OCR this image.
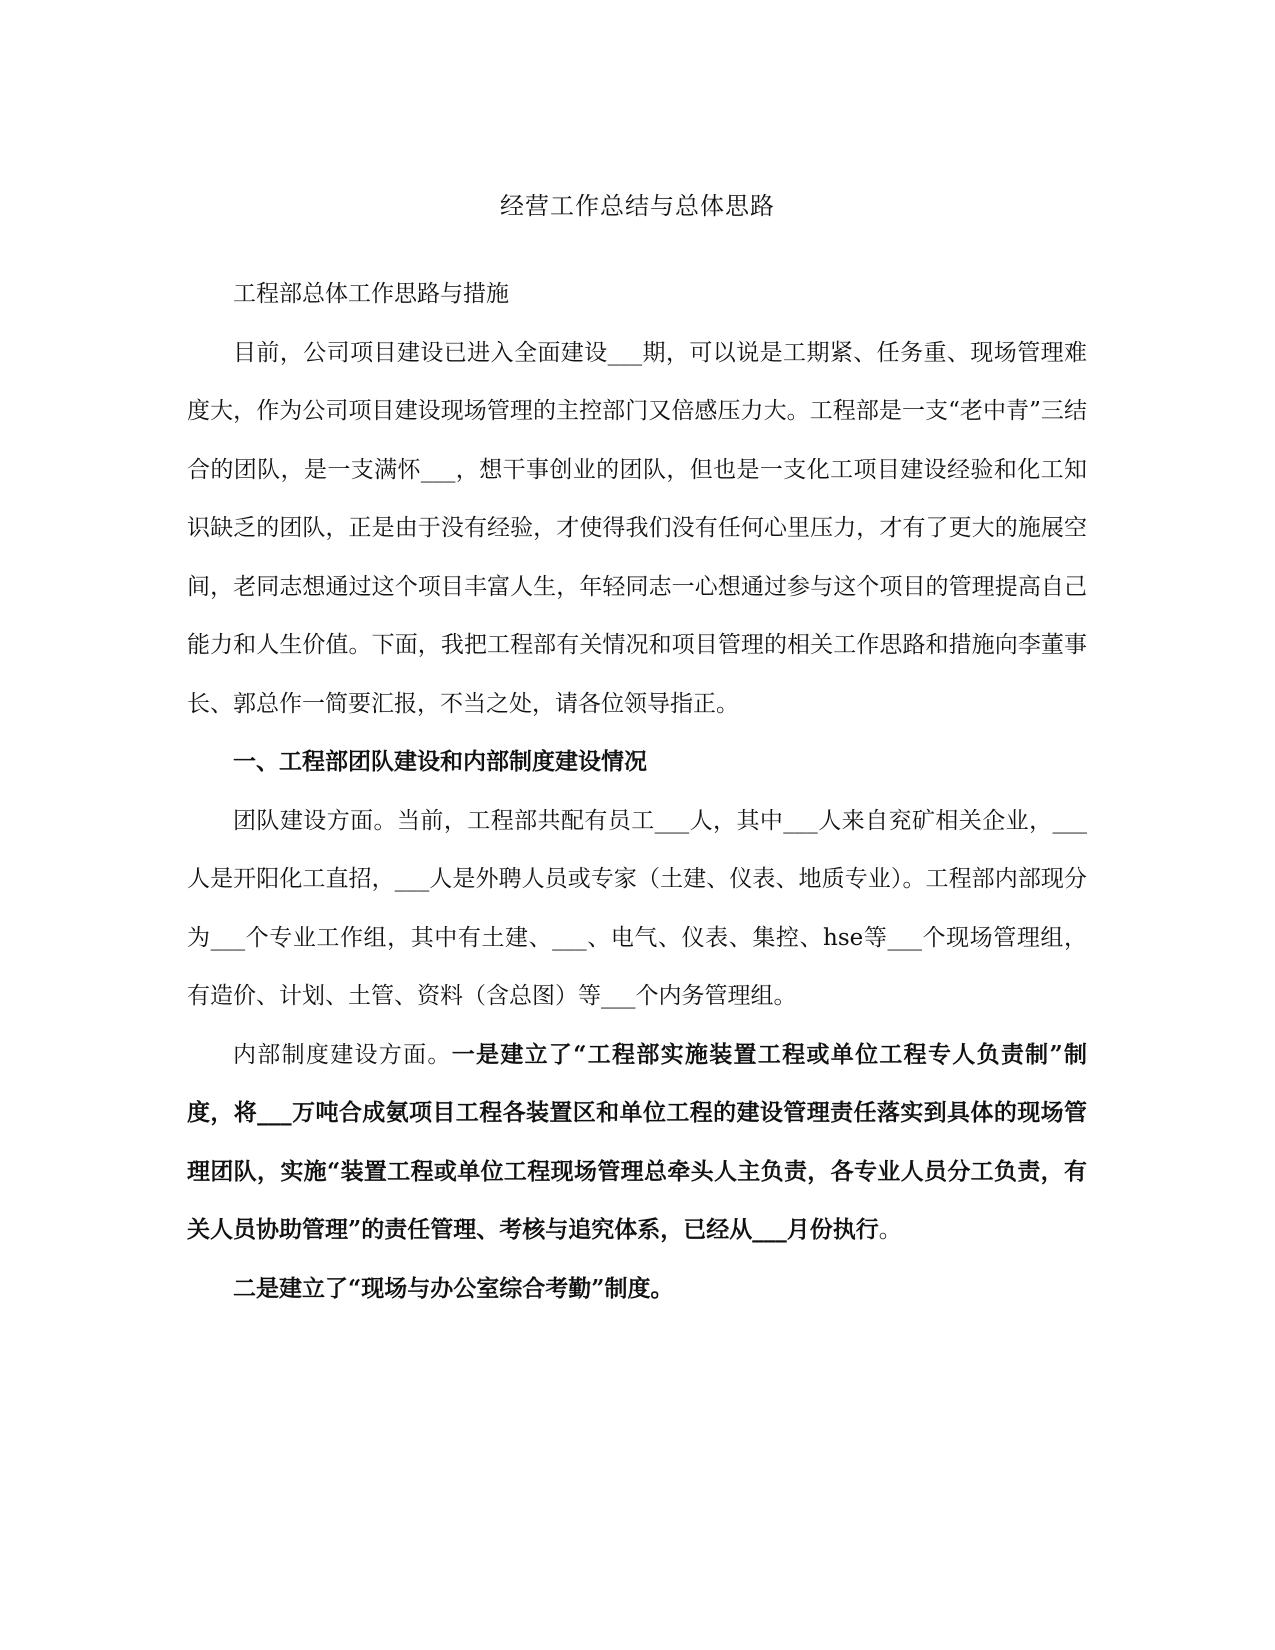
经营工作总结与总体思路

工程部总体工作思路与措施

目前，公司项目建设已进入全面建设___期，可以说是工期紧、任务重、现场管理难度大，作为公司项目建设现场管理的主控部门又倍感压力大。工程部是一支“老中青”三结合的团队，是一支满怀___，想干事创业的团队，但也是一支化工项目建设经验和化工知识缺乏的团队，正是由于没有经验，才使得我们没有任何心里压力，才有了更大的施展空间，老同志想通过这个项目丰富人生，年轻同志一心想通过参与这个项目的管理提高自己能力和人生价值。下面，我把工程部有关情况和项目管理的相关工作思路和措施向李董事长、郭总作一简要汇报，不当之处，请各位领导指正。

一、工程部团队建设和内部制度建设情况

团队建设方面。当前，工程部共配有员工___人，其中___人来自兖矿相关企业，___人是开阳化工直招，___人是外聘人员或专家（土建、仪表、地质专业）。工程部内部现分为___个专业工作组，其中有土建、___、电气、仪表、集控、hse等___个现场管理组，有造价、计划、土管、资料（含总图）等___个内务管理组。

内部制度建设方面。一是建立了“工程部实施装置工程或单位工程专人负责制”制度，将___万吨合成氨项目工程各装置区和单位工程的建设管理责任落实到具体的现场管理团队，实施“装置工程或单位工程现场管理总牵头人主负责，各专业人员分工负责，有关人员协助管理”的责任管理、考核与追究体系，已经从___月份执行。

二是建立了“现场与办公室综合考勤”制度。
